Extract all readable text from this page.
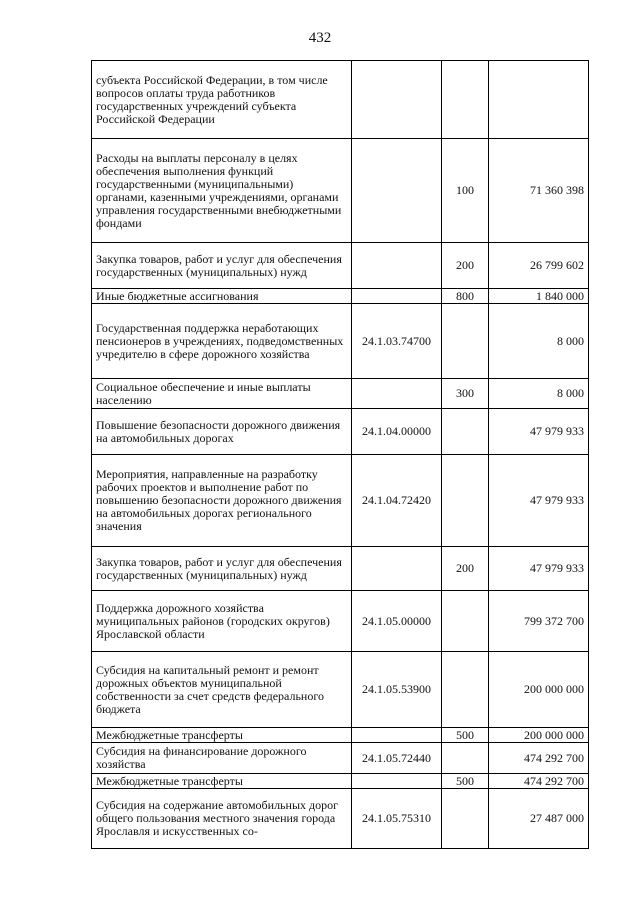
432
субъекта Российской Федерации, в том числе вопросов оплаты труда работников государственных учреждений субъекта Российской Федерации			
Расходы на выплаты персоналу в целях обеспечения выполнения функций государственными (муниципальными) органами, казенными учреждениями, органами управления государственными внебюджетными фондами		100	71 360 398
Закупка товаров, работ и услуг для обеспечения государственных (муниципальных) нужд		200	26 799 602
Иные бюджетные ассигнования		800	1 840 000
Государственная поддержка неработающих пенсионеров в учреждениях, подведомственных учредителю в сфере дорожного хозяйства	24.1.03.74700		8 000
Социальное обеспечение и иные выплаты населению		300	8 000
Повышение безопасности дорожного движения на автомобильных дорогах	24.1.04.00000		47 979 933
Мероприятия, направленные на разработку рабочих проектов и выполнение работ по повышению безопасности дорожного движения на автомобильных дорогах регионального значения	24.1.04.72420		47 979 933
Закупка товаров, работ и услуг для обеспечения государственных (муниципальных) нужд		200	47 979 933
Поддержка дорожного хозяйства муниципальных районов (городских округов) Ярославской области	24.1.05.00000		799 372 700
Субсидия на капитальный ремонт и ремонт дорожных объектов муниципальной собственности за счет средств федерального бюджета	24.1.05.53900		200 000 000
Межбюджетные трансферты		500	200 000 000
Субсидия на финансирование дорожного хозяйства	24.1.05.72440		474 292 700
Межбюджетные трансферты		500	474 292 700
Субсидия на содержание автомобильных дорог общего пользования местного значения города Ярославля и искусственных со-	24.1.05.75310		27 487 000
